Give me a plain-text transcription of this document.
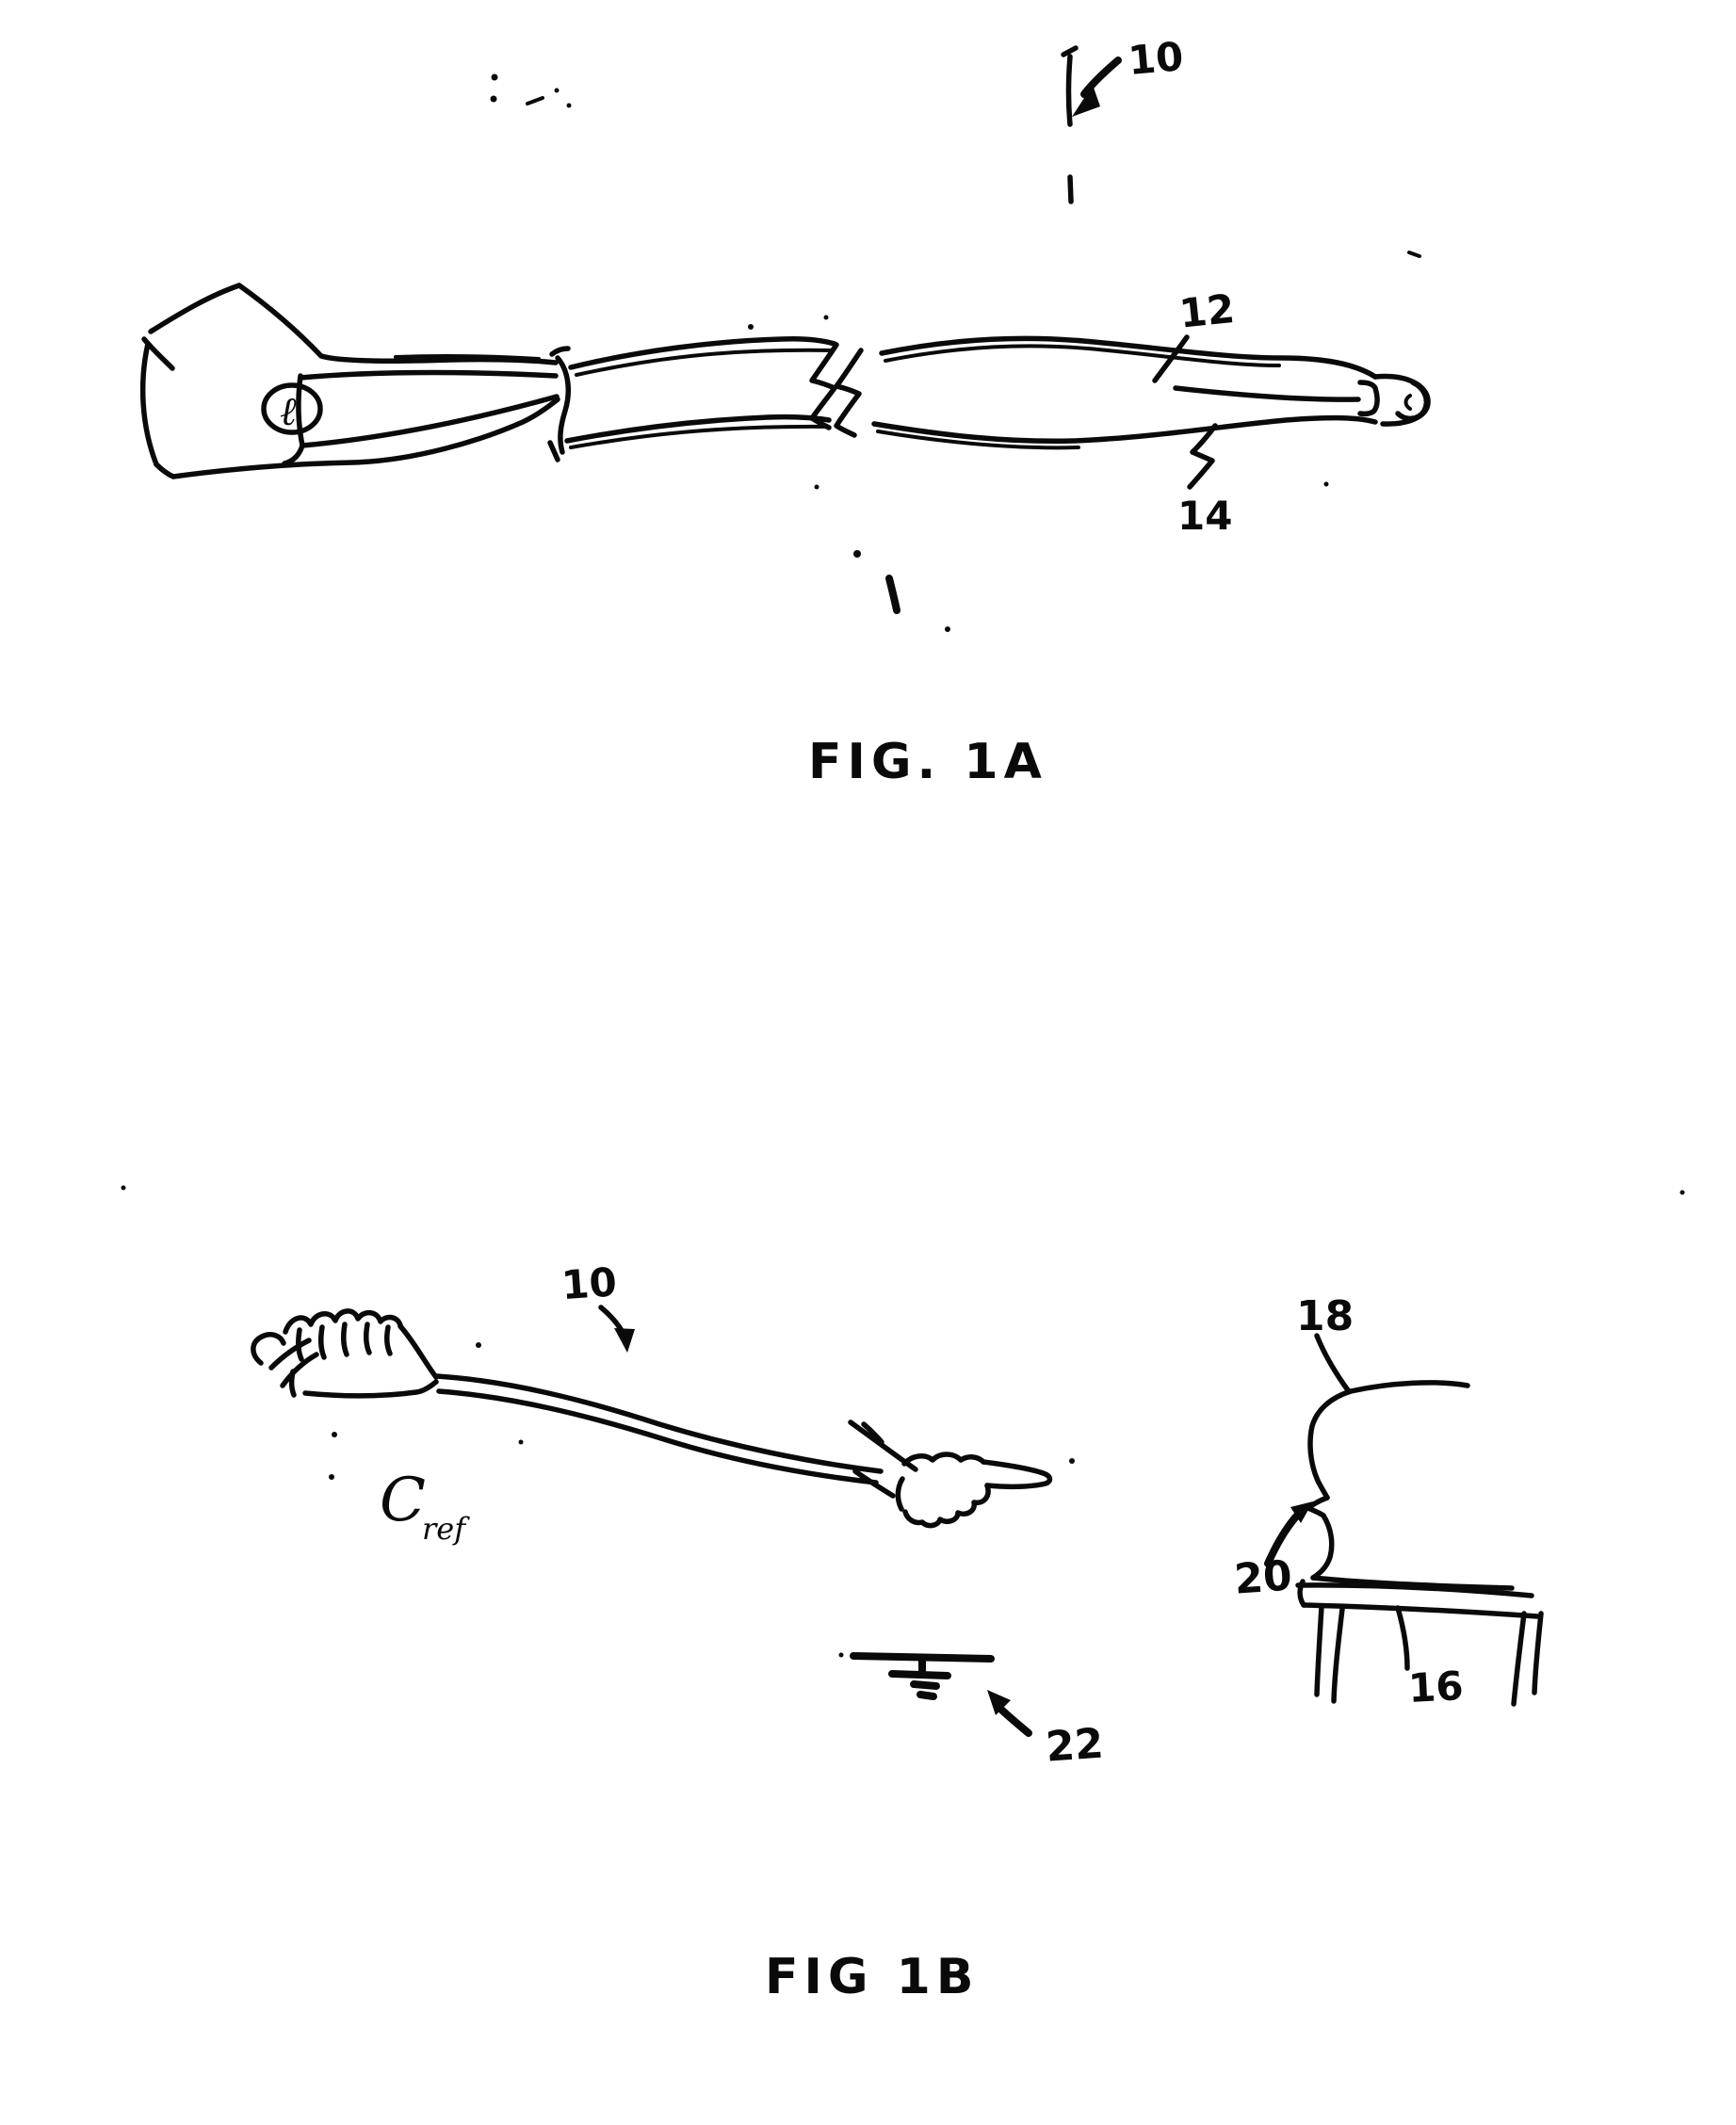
10
ℓ
12
14
FIG. 1A
10
C
ref
22
18
20
16
FIG 1B
